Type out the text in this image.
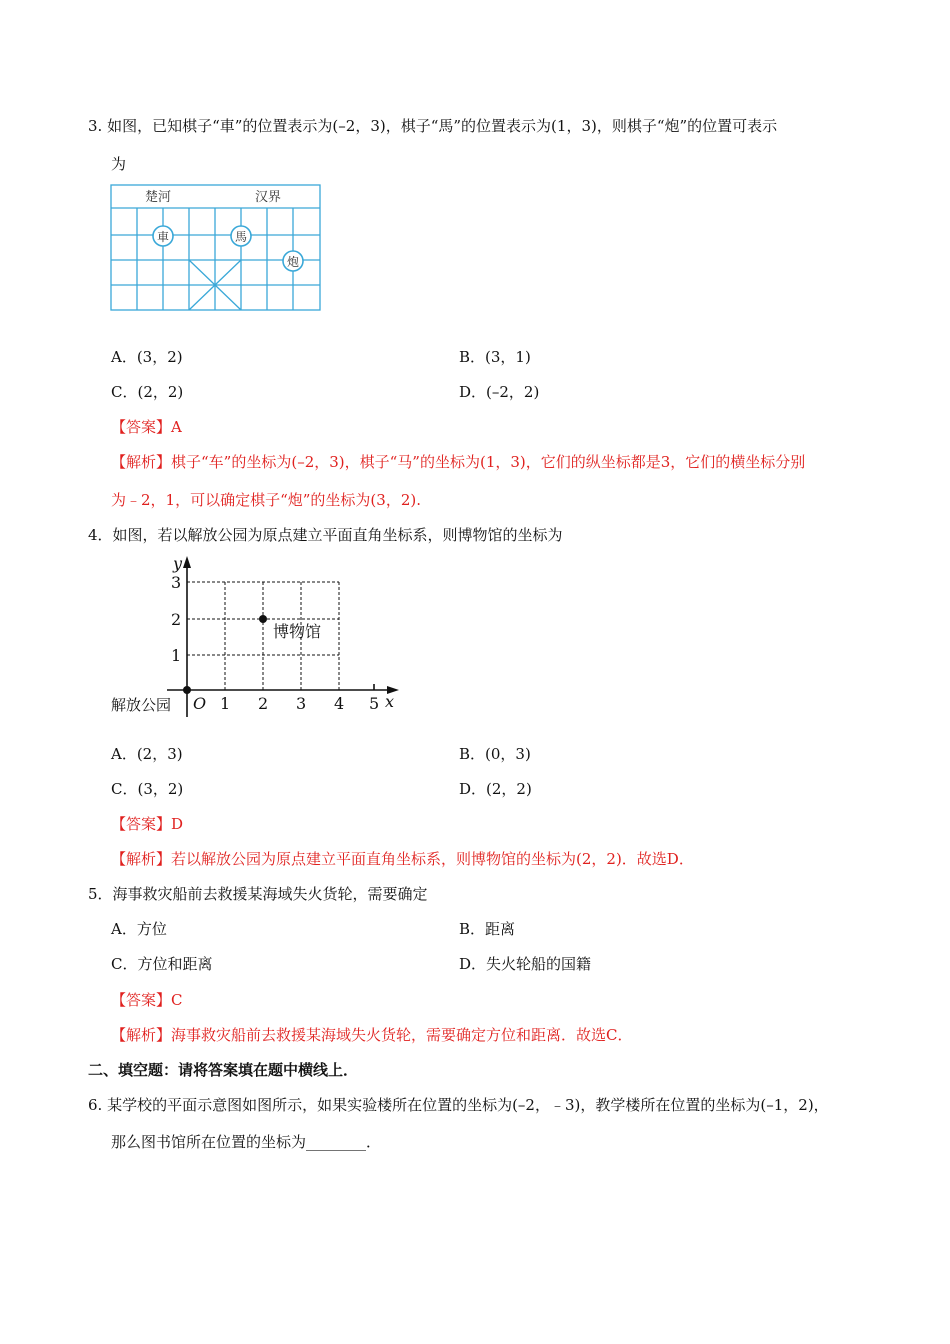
3. 如图，已知棋子“車”的位置表示为(–2，3)，棋子“馬”的位置表示为(1，3)，则棋子“炮”的位置可表示
为
楚河	汉界
車	馬
炮
A．(3，2)	B．(3，1)
C．(2，2)	D．(–2，2)
【答案】A
【解析】棋子“车”的坐标为(–2，3)，棋子“马”的坐标为(1，3)，它们的纵坐标都是3，它们的横坐标分别
为﹣2，1，可以确定棋子“炮”的坐标为(3，2).
4．如图，若以解放公园为原点建立平面直角坐标系，则博物馆的坐标为
y
x
O
解放公园
博物馆
1 2 3 4 5
1
2
3
A．(2，3)	B．(0，3)
C．(3，2)	D．(2，2)
【答案】D
【解析】若以解放公园为原点建立平面直角坐标系，则博物馆的坐标为(2，2)．故选D．
5．海事救灾船前去救援某海域失火货轮，需要确定
A．方位	B．距离
C．方位和距离	D．失火轮船的国籍
【答案】C
【解析】海事救灾船前去救援某海域失火货轮，需要确定方位和距离．故选C．
二、填空题：请将答案填在题中横线上．
6. 某学校的平面示意图如图所示，如果实验楼所在位置的坐标为(–2，﹣3)，教学楼所在位置的坐标为(–1，2)，
那么图书馆所在位置的坐标为________．
